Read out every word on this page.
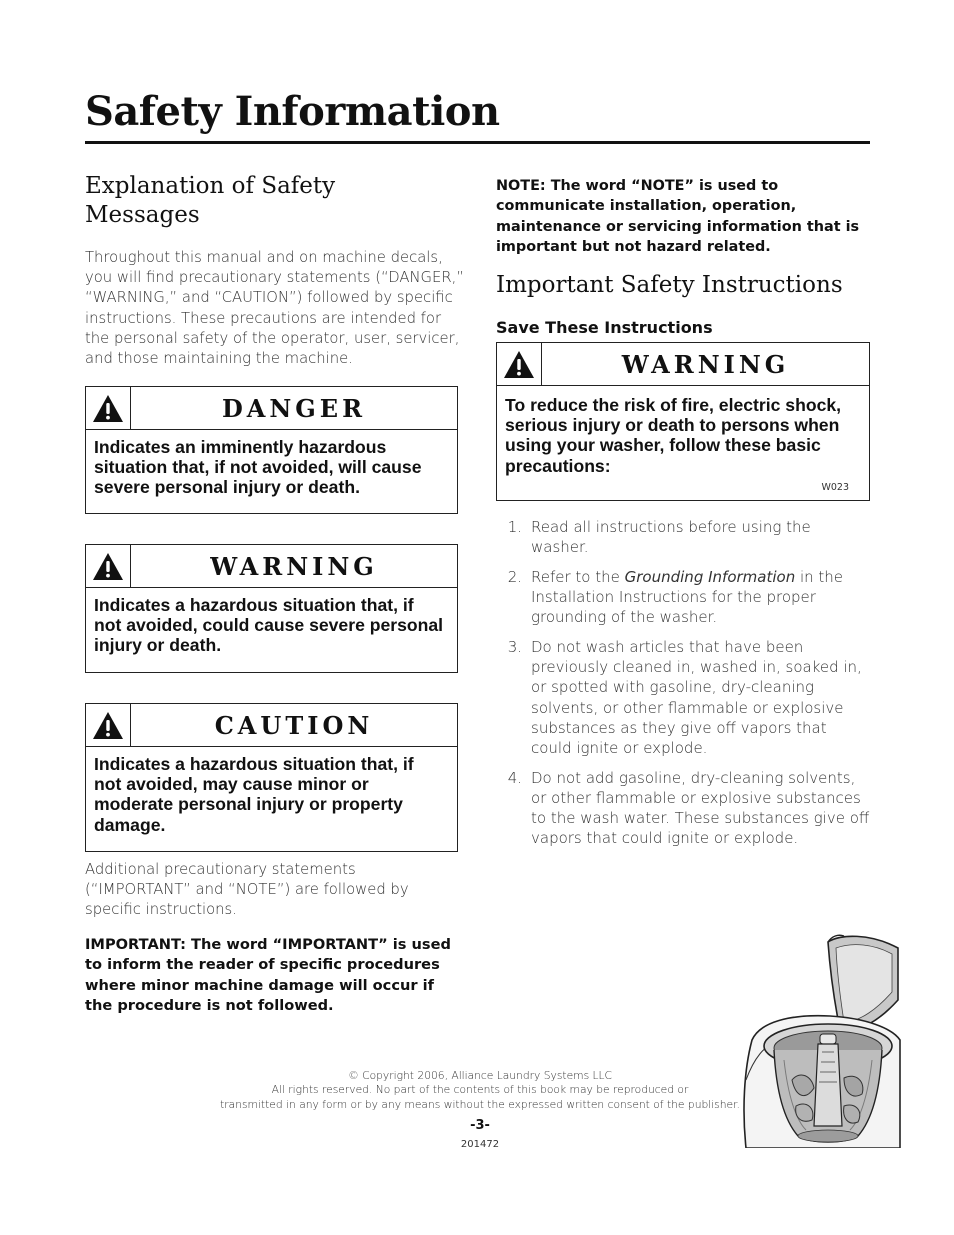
Safety Information
Explanation of Safety Messages

Throughout this manual and on machine decals, you will find precautionary statements (“DANGER,” “WARNING,” and “CAUTION”) followed by specific instructions. These precautions are intended for the personal safety of the operator, user, servicer, and those maintaining the machine.

DANGER

Indicates an imminently hazardous situation that, if not avoided, will cause severe personal injury or death.

WARNING

Indicates a hazardous situation that, if not avoided, could cause severe personal injury or death.

CAUTION

Indicates a hazardous situation that, if not avoided, may cause minor or moderate personal injury or property damage.

Additional precautionary statements (“IMPORTANT” and “NOTE”) are followed by specific instructions.

IMPORTANT: The word “IMPORTANT” is used to inform the reader of specific procedures where minor machine damage will occur if the procedure is not followed.

NOTE: The word “NOTE” is used to communicate installation, operation, maintenance or servicing information that is important but not hazard related.

Important Safety Instructions

Save These Instructions

WARNING

To reduce the risk of fire, electric shock, serious injury or death to persons when using your washer, follow these basic precautions:

W023
1. Read all instructions before using the washer.

2. Refer to the Grounding Information in the Installation Instructions for the proper grounding of the washer.

3. Do not wash articles that have been previously cleaned in, washed in, soaked in, or spotted with gasoline, dry-cleaning solvents, or other flammable or explosive substances as they give off vapors that could ignite or explode.

4. Do not add gasoline, dry-cleaning solvents, or other flammable or explosive substances to the wash water. These substances give off vapors that could ignite or explode.

© Copyright 2006, Alliance Laundry Systems LLC
All rights reserved. No part of the contents of this book may be reproduced or
transmitted in any form or by any means without the expressed written consent of the publisher.
-3-
201472
